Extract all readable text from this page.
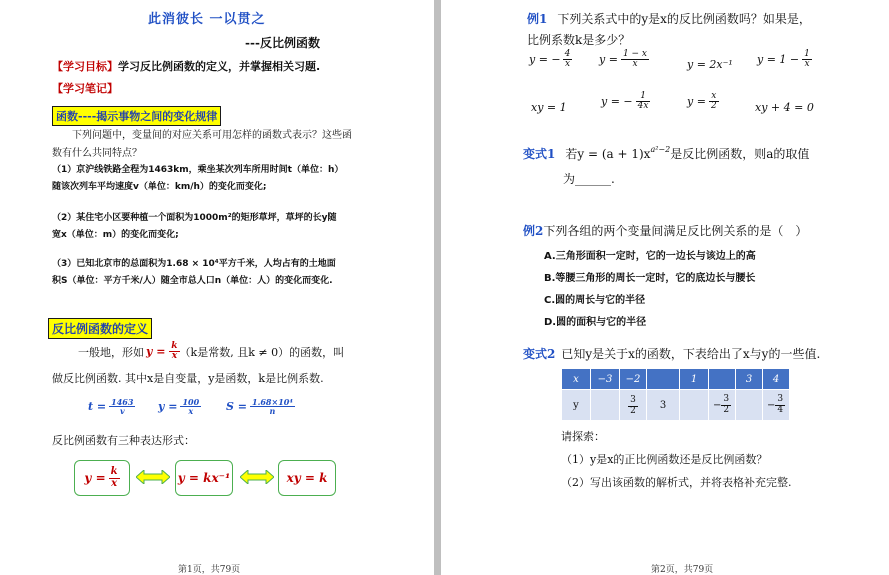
此消彼长 一以贯之
---反比例函数
【学习目标】学习反比例函数的定义，并掌握相关习题.
【学习笔记】
函数----揭示事物之间的变化规律
下列问题中，变量间的对应关系可用怎样的函数式表示？这些函
数有什么共同特点？
（1）京沪线铁路全程为1463km，乘坐某次列车所用时间t（单位：h）
随该次列车平均速度v（单位：km/h）的变化而变化;
（2）某住宅小区要种植一个面积为1000m²的矩形草坪，草坪的长y随
宽x（单位：m）的变化而变化;
（3）已知北京市的总面积为1.68 × 10⁴平方千米，人均占有的土地面
积S（单位：平方千米/人）随全市总人口n（单位：人）的变化而变化.
反比例函数的定义
一般地，形如 $y = \frac{k}{x} (k$是常数, 且k ≠ 0）的函数，叫
做反比例函数. 其中x是自变量，y是函数，k是比例系数.
$t = \frac{1463}{v}$ $y = \frac{100}{x}$ $S = \frac{\text{1.68×10⁴}}{n}$
反比例函数有三种表达形式：
$y = \frac{k}{x}$	y = kx⁻¹	xy = k
第1页，共79页
例1 下列关系式中的y是x的反比例函数吗？如果是，
比例系数k是多少？
y = − $\frac{4}{x}$ $y = \frac{1 - x}{x}$	y = 2x⁻¹ $y = 1 - \frac{1}{x}$
xy = 1	y = − $\frac{1}{4x}$	$y = \frac{x}{2}$	xy + 4 = 0
变式1 若y = (a + 1)x a²−2 是反比例函数，则a的取值
为______.
例2下列各组的两个变量间满足反比例关系的是（　）
A.三角形面积一定时，它的一边长与该边上的高
B.等腰三角形的周长一定时，它的底边长与腰长
C.圆的周长与它的半径
D.圆的面积与它的半径
变式2 已知y是关于x的函数，下表给出了x与y的一些值.
x	−3	−2		1		3	4
y		$\frac{3}{2}$	3		− $\frac{3}{2}$		− $\frac{3}{4}$
请探索：
（1）y是x的正比例函数还是反比例函数？
（2）写出该函数的解析式，并将表格补充完整.
第2页，共79页
